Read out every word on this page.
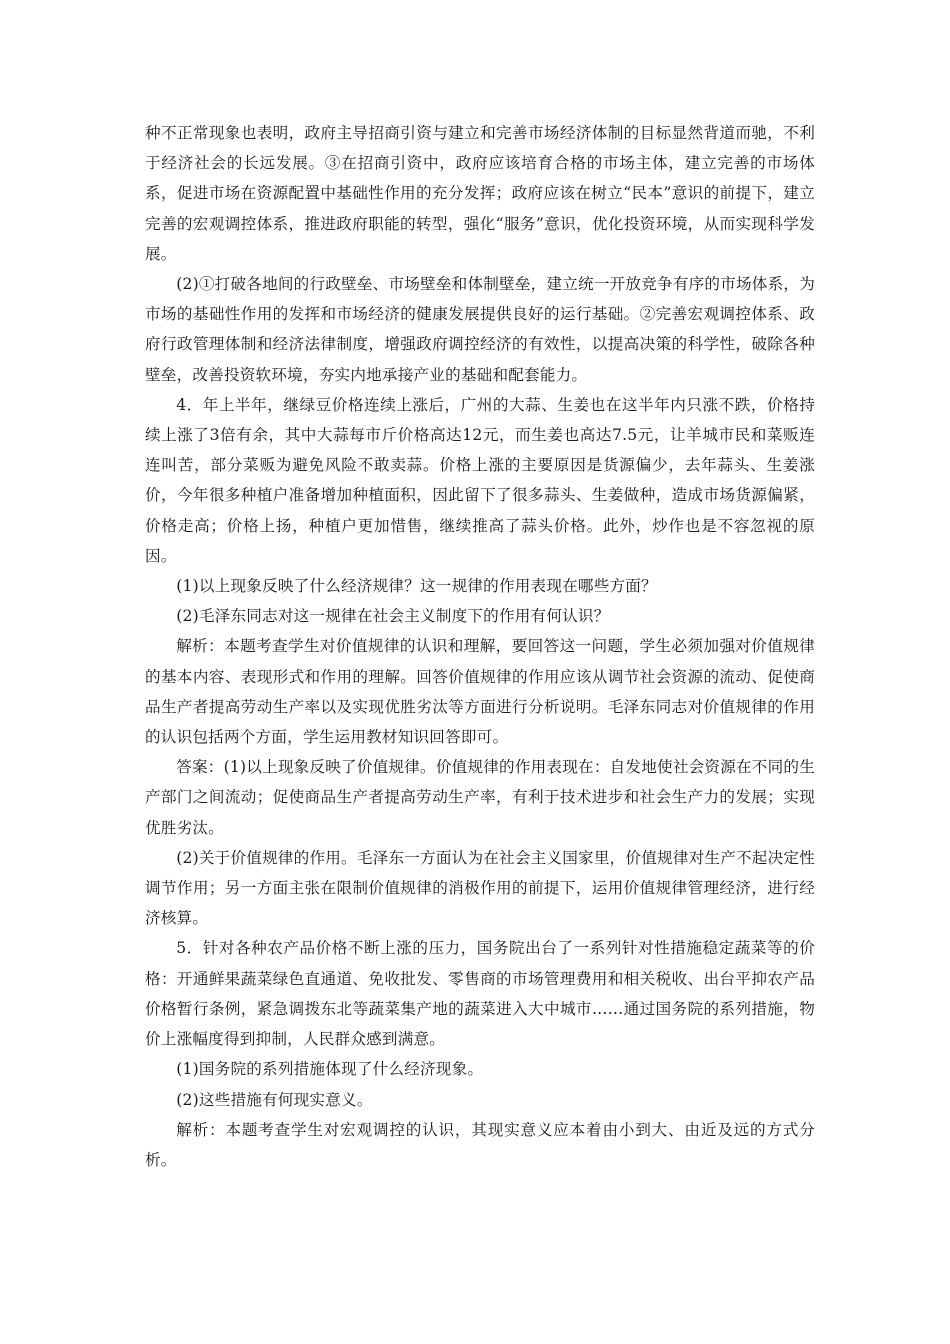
种不正常现象也表明，政府主导招商引资与建立和完善市场经济体制的目标显然背道而驰，不利于经济社会的长远发展。③在招商引资中，政府应该培育合格的市场主体，建立完善的市场体系，促进市场在资源配置中基础性作用的充分发挥；政府应该在树立“民本”意识的前提下，建立完善的宏观调控体系，推进政府职能的转型，强化“服务”意识，优化投资环境，从而实现科学发展。

(2)①打破各地间的行政壁垒、市场壁垒和体制壁垒，建立统一开放竞争有序的市场体系，为市场的基础性作用的发挥和市场经济的健康发展提供良好的运行基础。②完善宏观调控体系、政府行政管理体制和经济法律制度，增强政府调控经济的有效性，以提高决策的科学性，破除各种壁垒，改善投资软环境，夯实内地承接产业的基础和配套能力。

4．年上半年，继绿豆价格连续上涨后，广州的大蒜、生姜也在这半年内只涨不跌，价格持续上涨了3倍有余，其中大蒜每市斤价格高达12元，而生姜也高达7.5元，让羊城市民和菜贩连连叫苦，部分菜贩为避免风险不敢卖蒜。价格上涨的主要原因是货源偏少，去年蒜头、生姜涨价，今年很多种植户准备增加种植面积，因此留下了很多蒜头、生姜做种，造成市场货源偏紧，价格走高；价格上扬，种植户更加惜售，继续推高了蒜头价格。此外，炒作也是不容忽视的原因。

(1)以上现象反映了什么经济规律？这一规律的作用表现在哪些方面？

(2)毛泽东同志对这一规律在社会主义制度下的作用有何认识？

解析：本题考查学生对价值规律的认识和理解，要回答这一问题，学生必须加强对价值规律的基本内容、表现形式和作用的理解。回答价值规律的作用应该从调节社会资源的流动、促使商品生产者提高劳动生产率以及实现优胜劣汰等方面进行分析说明。毛泽东同志对价值规律的作用的认识包括两个方面，学生运用教材知识回答即可。

答案：(1)以上现象反映了价值规律。价值规律的作用表现在：自发地使社会资源在不同的生产部门之间流动；促使商品生产者提高劳动生产率，有利于技术进步和社会生产力的发展；实现优胜劣汰。

(2)关于价值规律的作用。毛泽东一方面认为在社会主义国家里，价值规律对生产不起决定性调节作用；另一方面主张在限制价值规律的消极作用的前提下，运用价值规律管理经济，进行经济核算。

5．针对各种农产品价格不断上涨的压力，国务院出台了一系列针对性措施稳定蔬菜等的价格：开通鲜果蔬菜绿色直通道、免收批发、零售商的市场管理费用和相关税收、出台平抑农产品价格暂行条例，紧急调拨东北等蔬菜集产地的蔬菜进入大中城市……通过国务院的系列措施，物价上涨幅度得到抑制，人民群众感到满意。

(1)国务院的系列措施体现了什么经济现象。

(2)这些措施有何现实意义。

解析：本题考查学生对宏观调控的认识，其现实意义应本着由小到大、由近及远的方式分析。
